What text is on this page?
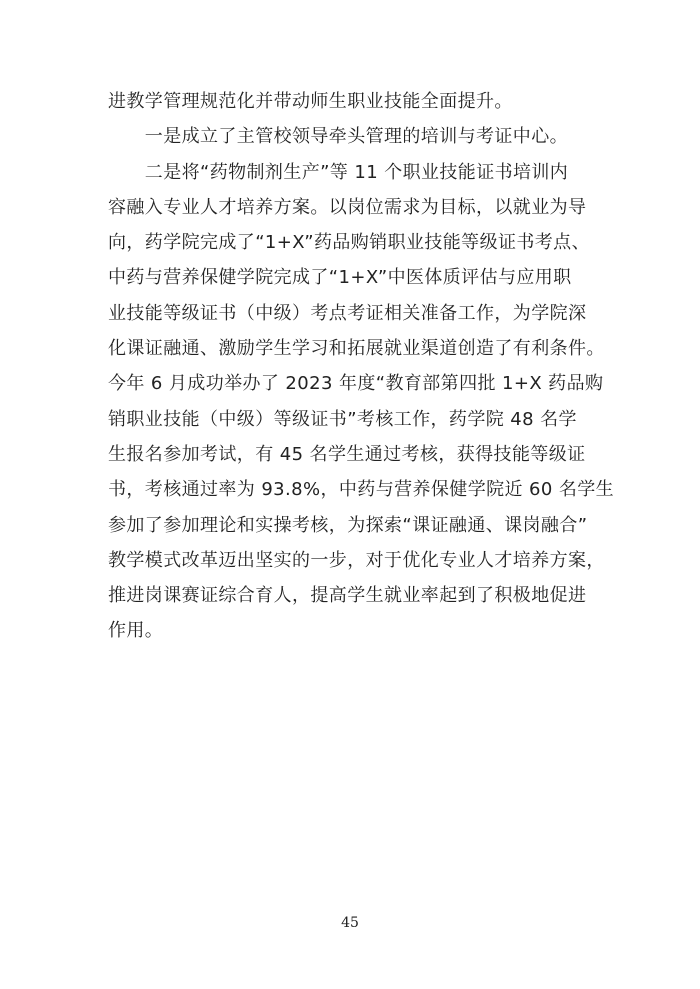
进教学管理规范化并带动师生职业技能全面提升。
　　一是成立了主管校领导牵头管理的培训与考证中心。
　　二是将“药物制剂生产”等 11 个职业技能证书培训内
容融入专业人才培养方案。以岗位需求为目标，以就业为导
向，药学院完成了“1+X”药品购销职业技能等级证书考点、
中药与营养保健学院完成了“1+X”中医体质评估与应用职
业技能等级证书（中级）考点考证相关准备工作，为学院深
化课证融通、激励学生学习和拓展就业渠道创造了有利条件。
今年 6 月成功举办了 2023 年度“教育部第四批 1+X 药品购
销职业技能（中级）等级证书”考核工作，药学院 48 名学
生报名参加考试，有 45 名学生通过考核，获得技能等级证
书，考核通过率为 93.8%，中药与营养保健学院近 60 名学生
参加了参加理论和实操考核，为探索“课证融通、课岗融合”
教学模式改革迈出坚实的一步，对于优化专业人才培养方案，
推进岗课赛证综合育人，提高学生就业率起到了积极地促进
作用。
45
